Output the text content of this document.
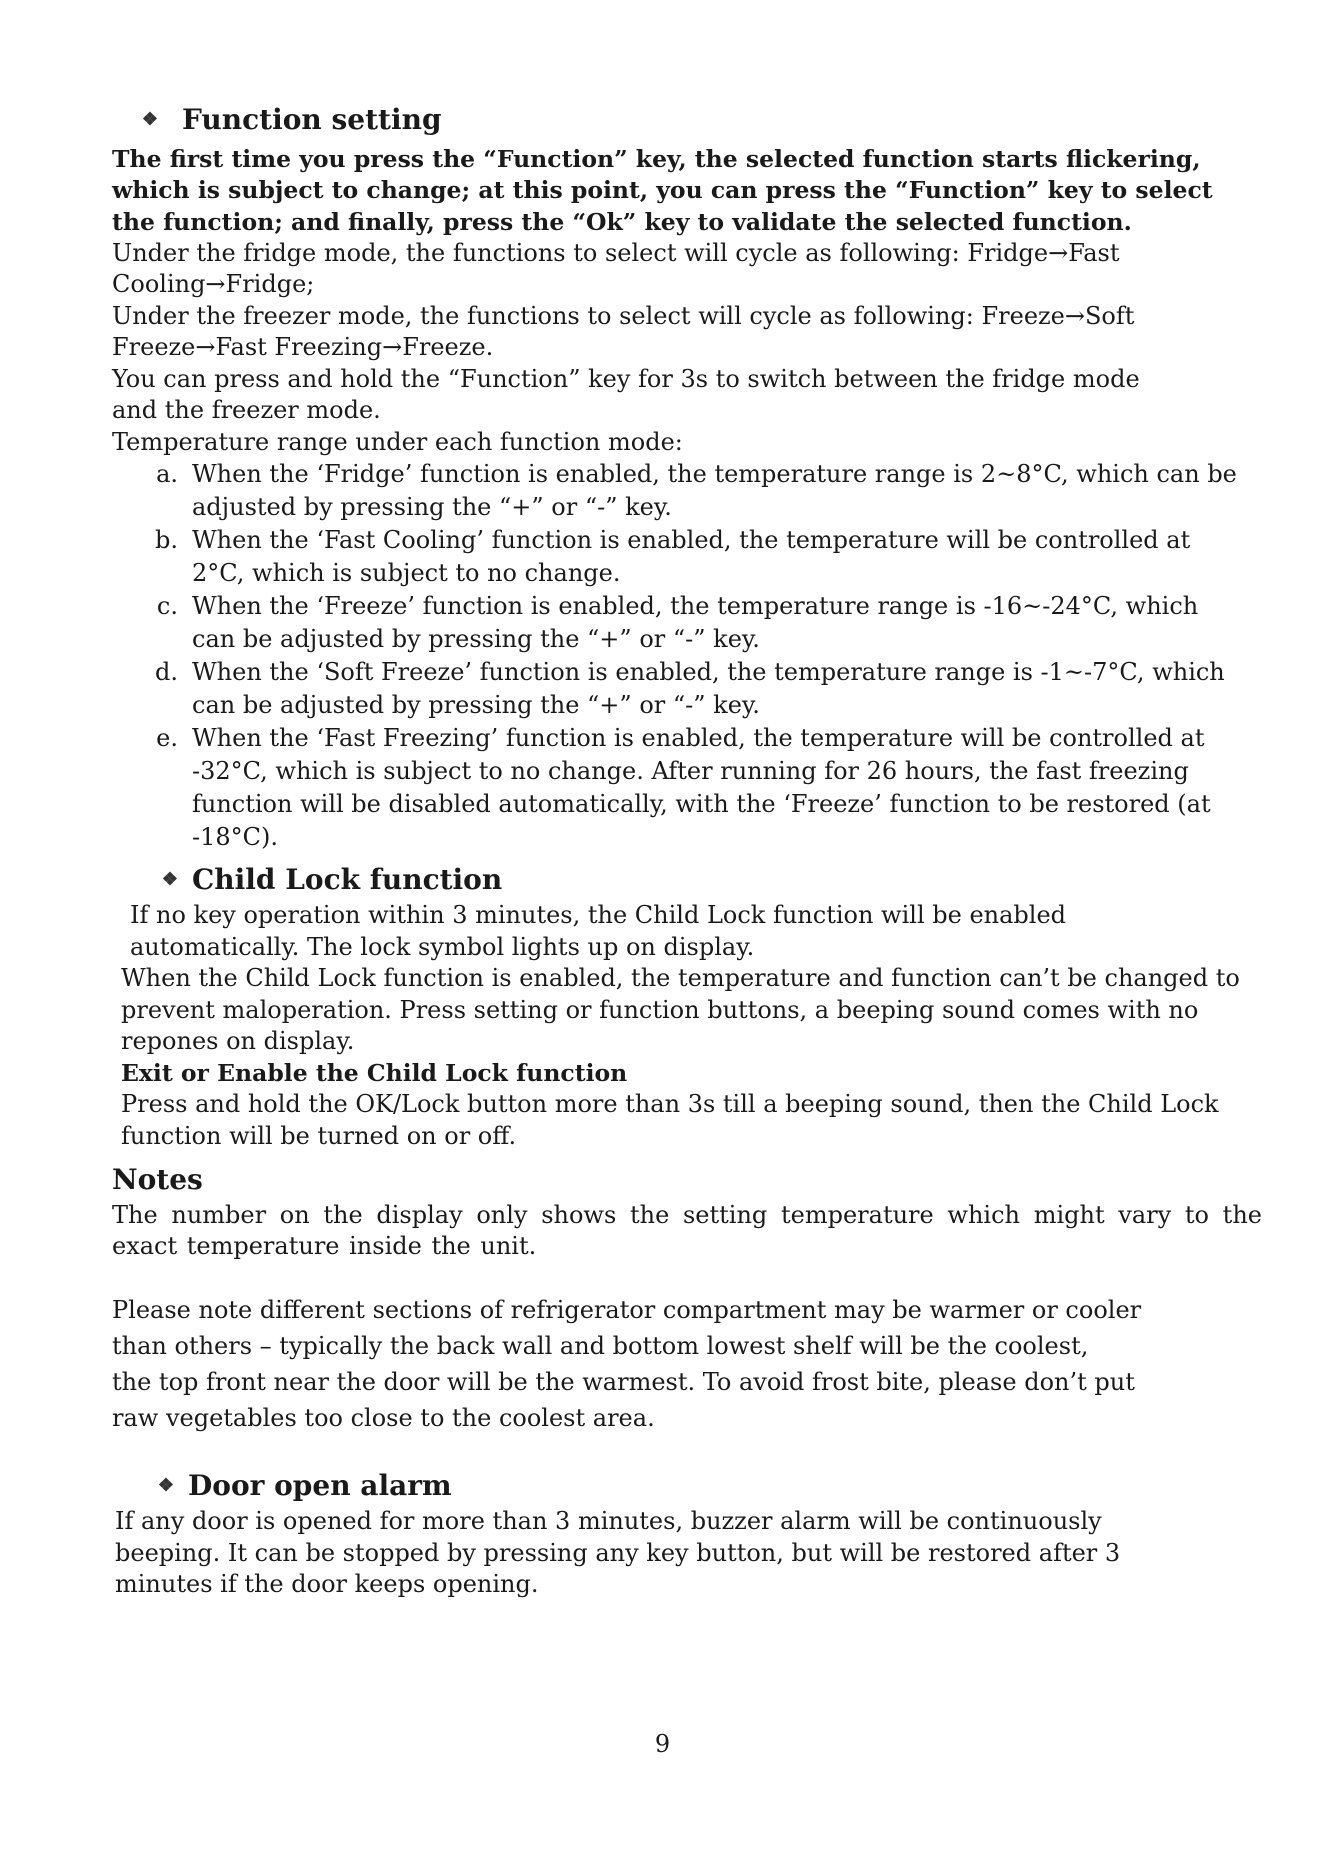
❖ Function setting

The first time you press the “Function” key, the selected function starts flickering, which is subject to change; at this point, you can press the “Function” key to select the function; and finally, press the “Ok” key to validate the selected function.

Under the fridge mode, the functions to select will cycle as following: Fridge→Fast

Cooling→Fridge;

Under the freezer mode, the functions to select will cycle as following: Freeze→Soft

Freeze→Fast Freezing→Freeze.

You can press and hold the “Function” key for 3s to switch between the fridge mode

and the freezer mode.

Temperature range under each function mode:

a. When the ‘Fridge’ function is enabled, the temperature range is 2~8°C, which can be adjusted by pressing the “+” or “-” key.
b. When the ‘Fast Cooling’ function is enabled, the temperature will be controlled at 2°C, which is subject to no change.
c. When the ‘Freeze’ function is enabled, the temperature range is -16~-24°C, which can be adjusted by pressing the “+” or “-” key.
d. When the ‘Soft Freeze’ function is enabled, the temperature range is -1~-7°C, which can be adjusted by pressing the “+” or “-” key.
e. When the ‘Fast Freezing’ function is enabled, the temperature will be controlled at -32°C, which is subject to no change. After running for 26 hours, the fast freezing function will be disabled automatically, with the ‘Freeze’ function to be restored (at -18°C).
❖ Child Lock function

If no key operation within 3 minutes, the Child Lock function will be enabled automatically. The lock symbol lights up on display.

When the Child Lock function is enabled, the temperature and function can’t be changed to prevent maloperation. Press setting or function buttons, a beeping sound comes with no repones on display.

Exit or Enable the Child Lock function

Press and hold the OK/Lock button more than 3s till a beeping sound, then the Child Lock function will be turned on or off.

Notes

The number on the display only shows the setting temperature which might vary to the exact temperature inside the unit.

Please note different sections of refrigerator compartment may be warmer or cooler

than others – typically the back wall and bottom lowest shelf will be the coolest,

the top front near the door will be the warmest. To avoid frost bite, please don’t put

raw vegetables too close to the coolest area.

❖ Door open alarm

If any door is opened for more than 3 minutes, buzzer alarm will be continuously

beeping. It can be stopped by pressing any key button, but will be restored after 3

minutes if the door keeps opening.

9
